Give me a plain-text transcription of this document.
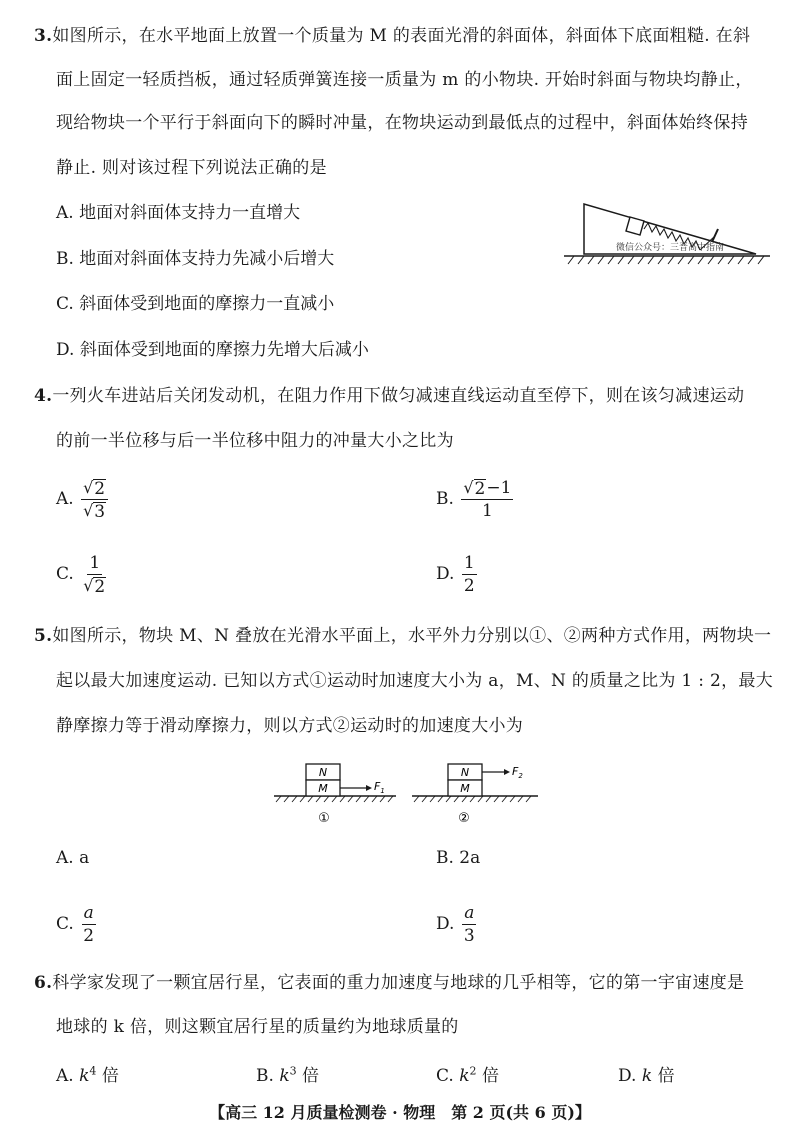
3.如图所示，在水平地面上放置一个质量为 M 的表面光滑的斜面体，斜面体下底面粗糙. 在斜
面上固定一轻质挡板，通过轻质弹簧连接一质量为 m 的小物块. 开始时斜面与物块均静止，
现给物块一个平行于斜面向下的瞬时冲量，在物块运动到最低点的过程中，斜面体始终保持
静止. 则对该过程下列说法正确的是
A. 地面对斜面体支持力一直增大
B. 地面对斜面体支持力先减小后增大
C. 斜面体受到地面的摩擦力一直减小
D. 斜面体受到地面的摩擦力先增大后减小
微信公众号：三晋高中指南
4.一列火车进站后关闭发动机，在阻力作用下做匀减速直线运动直至停下，则在该匀减速运动
的前一半位移与后一半位移中阻力的冲量大小之比为
A. $\frac{√ 2}{√ 3}$	B. $\frac{√ 2 -1}{1}$
C. $\frac{1}{√ 2}$	D. $\frac{1}{2}$
5.如图所示，物块 M、N 叠放在光滑水平面上，水平外力分别以①、②两种方式作用，两物块一
起以最大加速度运动. 已知以方式①运动时加速度大小为 a，M、N 的质量之比为 1 : 2，最大
静摩擦力等于滑动摩擦力，则以方式②运动时的加速度大小为
N
M	$F_1$
①
N
M
$F_2$
②
A. a	B. 2a
C. $\frac{a}{2}$	D. $\frac{a}{3}$
6.科学家发现了一颗宜居行星，它表面的重力加速度与地球的几乎相等，它的第一宇宙速度是
地球的 k 倍，则这颗宜居行星的质量约为地球质量的
A. $k^4$ 倍	B. $k^3$ 倍	C. $k^2$ 倍	D. k 倍
【高三 12 月质量检测卷 · 物理　第 2 页(共 6 页)】
